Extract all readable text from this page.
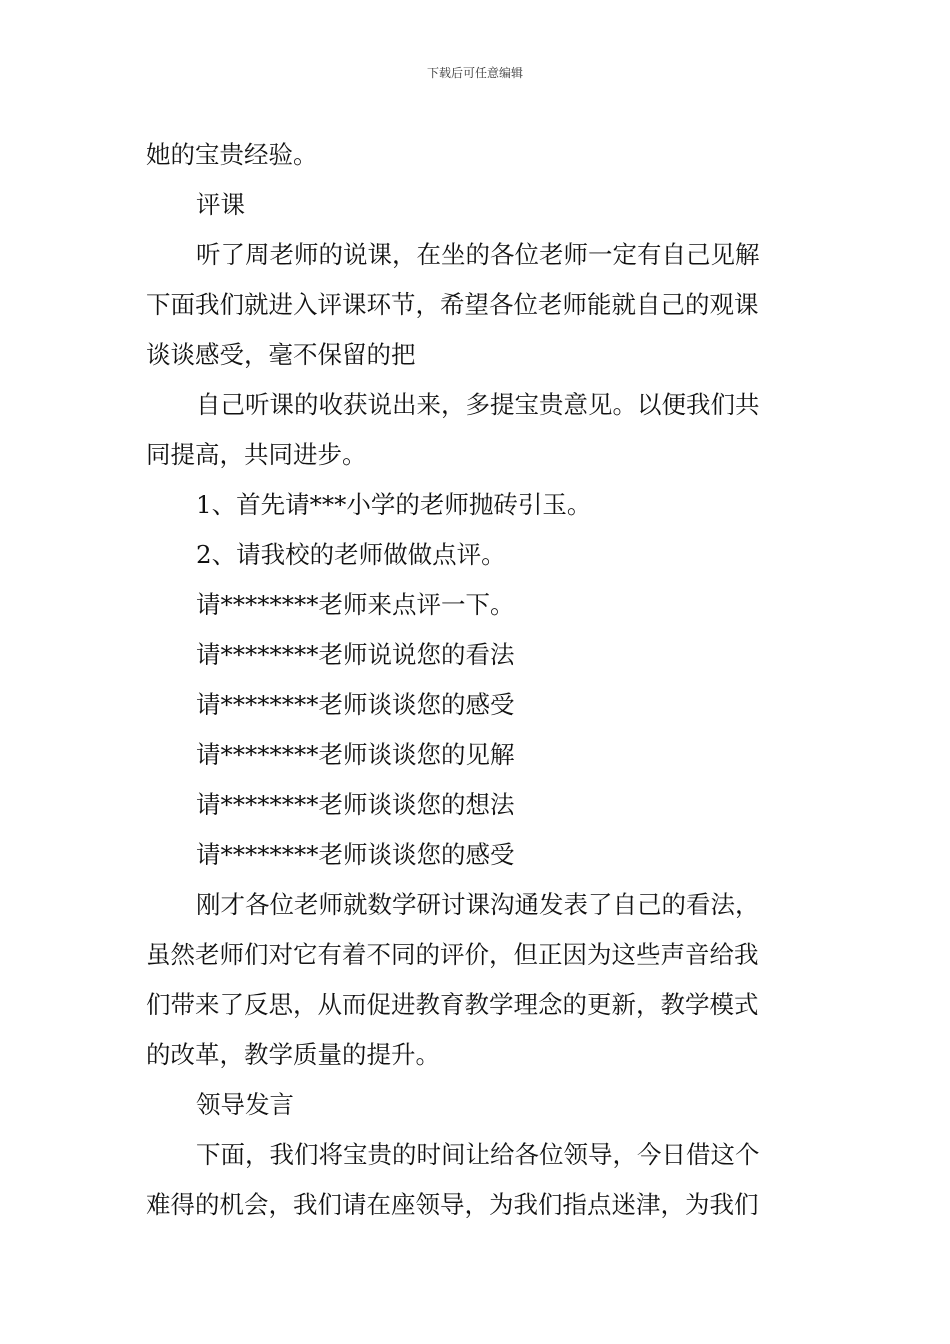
下载后可任意编辑
她的宝贵经验。
评课
听了周老师的说课，在坐的各位老师一定有自己见解
下面我们就进入评课环节，希望各位老师能就自己的观课
谈谈感受，毫不保留的把
自己听课的收获说出来，多提宝贵意见。以便我们共
同提高，共同进步。
1、首先请***小学的老师抛砖引玉。
2、请我校的老师做做点评。
请********老师来点评一下。
请********老师说说您的看法
请********老师谈谈您的感受
请********老师谈谈您的见解
请********老师谈谈您的想法
请********老师谈谈您的感受
刚才各位老师就数学研讨课沟通发表了自己的看法，
虽然老师们对它有着不同的评价，但正因为这些声音给我
们带来了反思，从而促进教育教学理念的更新，教学模式
的改革，教学质量的提升。
领导发言
下面，我们将宝贵的时间让给各位领导，今日借这个
难得的机会，我们请在座领导，为我们指点迷津，为我们
